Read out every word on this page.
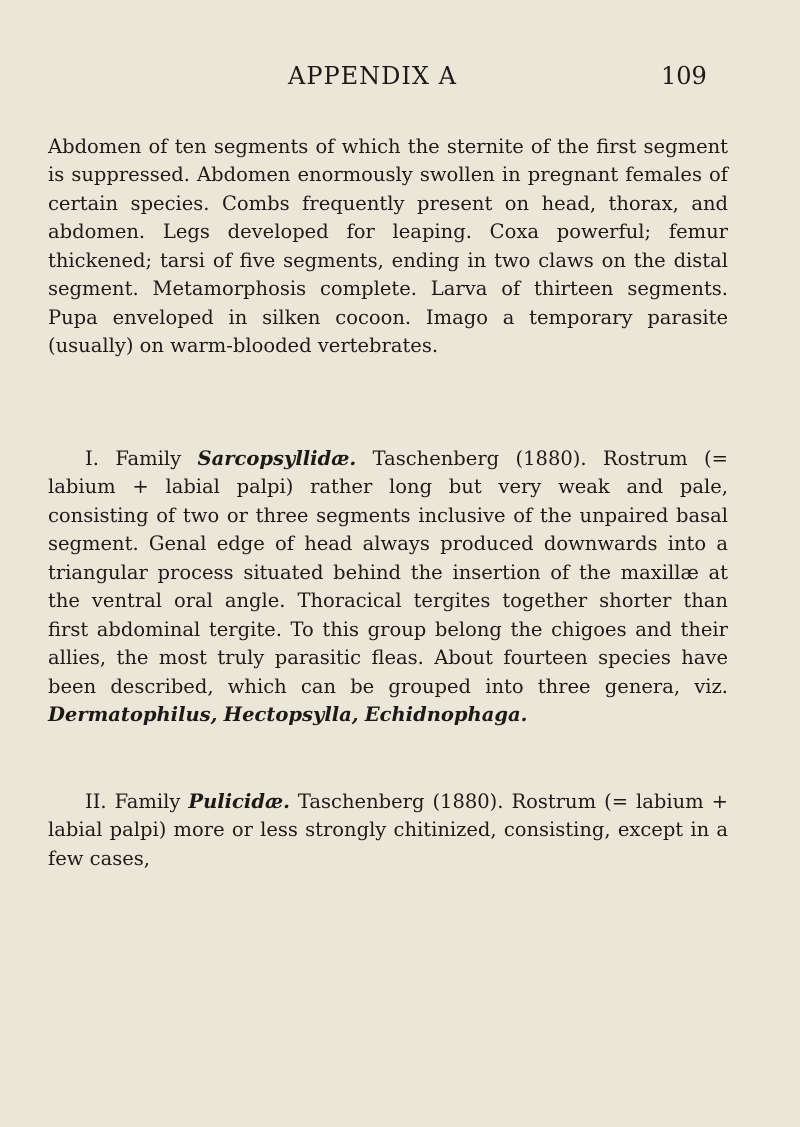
APPENDIX A	109

Abdomen of ten segments of which the sternite of the first segment is suppressed. Abdomen enormously swollen in pregnant females of certain species. Combs frequently present on head, thorax, and abdomen. Legs developed for leaping. Coxa powerful; femur thickened; tarsi of five segments, ending in two claws on the distal segment. Metamorphosis complete. Larva of thirteen segments. Pupa enveloped in silken cocoon. Imago a temporary parasite (usually) on warm-blooded vertebrates.

I. Family Sarcopsyllidæ. Taschenberg (1880). Rostrum (= labium + labial palpi) rather long but very weak and pale, consisting of two or three segments inclusive of the unpaired basal segment. Genal edge of head always produced downwards into a triangular process situated behind the insertion of the maxillæ at the ventral oral angle. Thoracical tergites together shorter than first abdominal tergite. To this group belong the chigoes and their allies, the most truly parasitic fleas. About fourteen species have been described, which can be grouped into three genera, viz. Dermatophilus, Hectopsylla, Echidnophaga.

II. Family Pulicidæ. Taschenberg (1880). Rostrum (= labium + labial palpi) more or less strongly chitinized, consisting, except in a few cases,
